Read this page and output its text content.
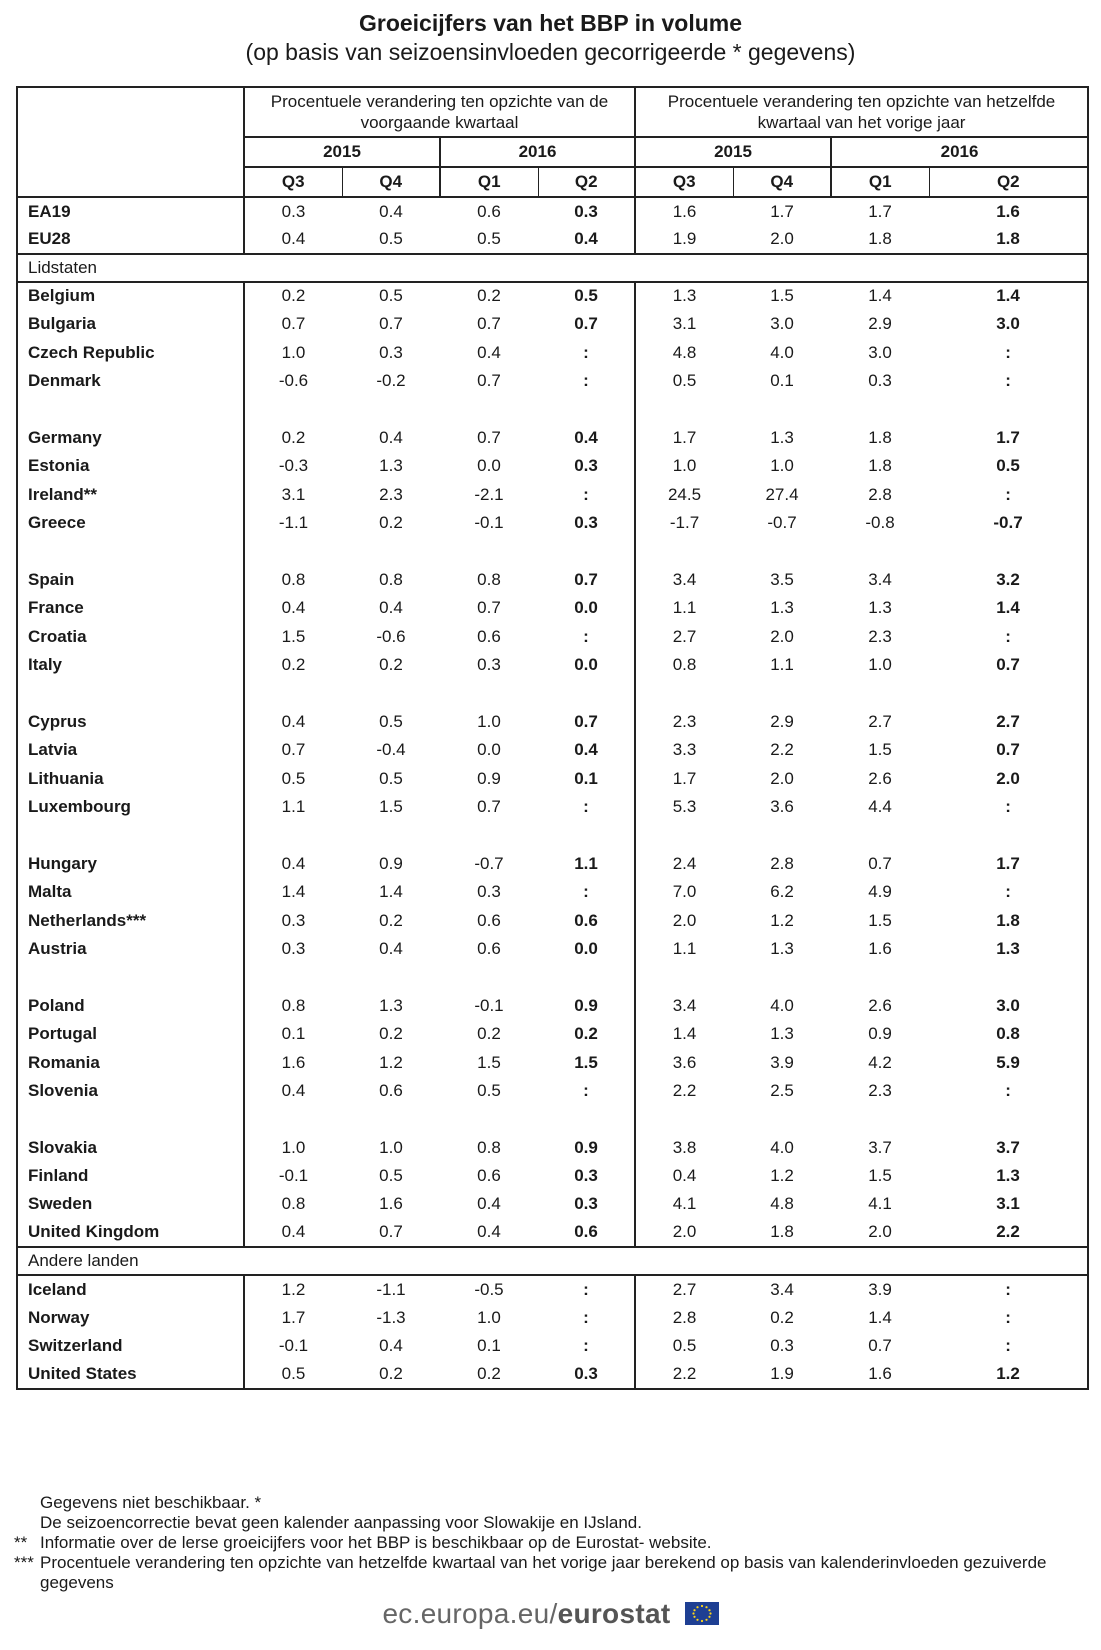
Groeicijfers van het BBP in volume
(op basis van seizoensinvloeden gecorrigeerde * gegevens)
	Procentuele verandering ten opzichte van de voorgaande kwartaal				Procentuele verandering ten opzichte van hetzelfde kwartaal van het vorige jaar			
	2015		2016		2015		2016	
	Q3	Q4	Q1	Q2	Q3	Q4	Q1	Q2
EA19	0.3	0.4	0.6	0.3	1.6	1.7	1.7	1.6
EU28	0.4	0.5	0.5	0.4	1.9	2.0	1.8	1.8
Lidstaten								
Belgium	0.2	0.5	0.2	0.5	1.3	1.5	1.4	1.4
Bulgaria	0.7	0.7	0.7	0.7	3.1	3.0	2.9	3.0
Czech Republic	1.0	0.3	0.4	:	4.8	4.0	3.0	:
Denmark	-0.6	-0.2	0.7	:	0.5	0.1	0.3	:

Germany	0.2	0.4	0.7	0.4	1.7	1.3	1.8	1.7
Estonia	-0.3	1.3	0.0	0.3	1.0	1.0	1.8	0.5
Ireland**	3.1	2.3	-2.1	:	24.5	27.4	2.8	:
Greece	-1.1	0.2	-0.1	0.3	-1.7	-0.7	-0.8	-0.7

Spain	0.8	0.8	0.8	0.7	3.4	3.5	3.4	3.2
France	0.4	0.4	0.7	0.0	1.1	1.3	1.3	1.4
Croatia	1.5	-0.6	0.6	:	2.7	2.0	2.3	:
Italy	0.2	0.2	0.3	0.0	0.8	1.1	1.0	0.7

Cyprus	0.4	0.5	1.0	0.7	2.3	2.9	2.7	2.7
Latvia	0.7	-0.4	0.0	0.4	3.3	2.2	1.5	0.7
Lithuania	0.5	0.5	0.9	0.1	1.7	2.0	2.6	2.0
Luxembourg	1.1	1.5	0.7	:	5.3	3.6	4.4	:

Hungary	0.4	0.9	-0.7	1.1	2.4	2.8	0.7	1.7
Malta	1.4	1.4	0.3	:	7.0	6.2	4.9	:
Netherlands***	0.3	0.2	0.6	0.6	2.0	1.2	1.5	1.8
Austria	0.3	0.4	0.6	0.0	1.1	1.3	1.6	1.3

Poland	0.8	1.3	-0.1	0.9	3.4	4.0	2.6	3.0
Portugal	0.1	0.2	0.2	0.2	1.4	1.3	0.9	0.8
Romania	1.6	1.2	1.5	1.5	3.6	3.9	4.2	5.9
Slovenia	0.4	0.6	0.5	:	2.2	2.5	2.3	:

Slovakia	1.0	1.0	0.8	0.9	3.8	4.0	3.7	3.7
Finland	-0.1	0.5	0.6	0.3	0.4	1.2	1.5	1.3
Sweden	0.8	1.6	0.4	0.3	4.1	4.8	4.1	3.1
United Kingdom	0.4	0.7	0.4	0.6	2.0	1.8	2.0	2.2
Andere landen								
Iceland	1.2	-1.1	-0.5	:	2.7	3.4	3.9	:
Norway	1.7	-1.3	1.0	:	2.8	0.2	1.4	:
Switzerland	-0.1	0.4	0.1	:	0.5	0.3	0.7	:
United States	0.5	0.2	0.2	0.3	2.2	1.9	1.6	1.2
Gegevens niet beschikbaar. *
De seizoencorrectie bevat geen kalender aanpassing voor Slowakije en IJsland.
** Informatie over de lerse groeicijfers voor het BBP is beschikbaar op de Eurostat- website.
*** Procentuele verandering ten opzichte van hetzelfde kwartaal van het vorige jaar berekend op basis van kalenderinvloeden gezuiverde gegevens
ec.europa.eu/eurostat
